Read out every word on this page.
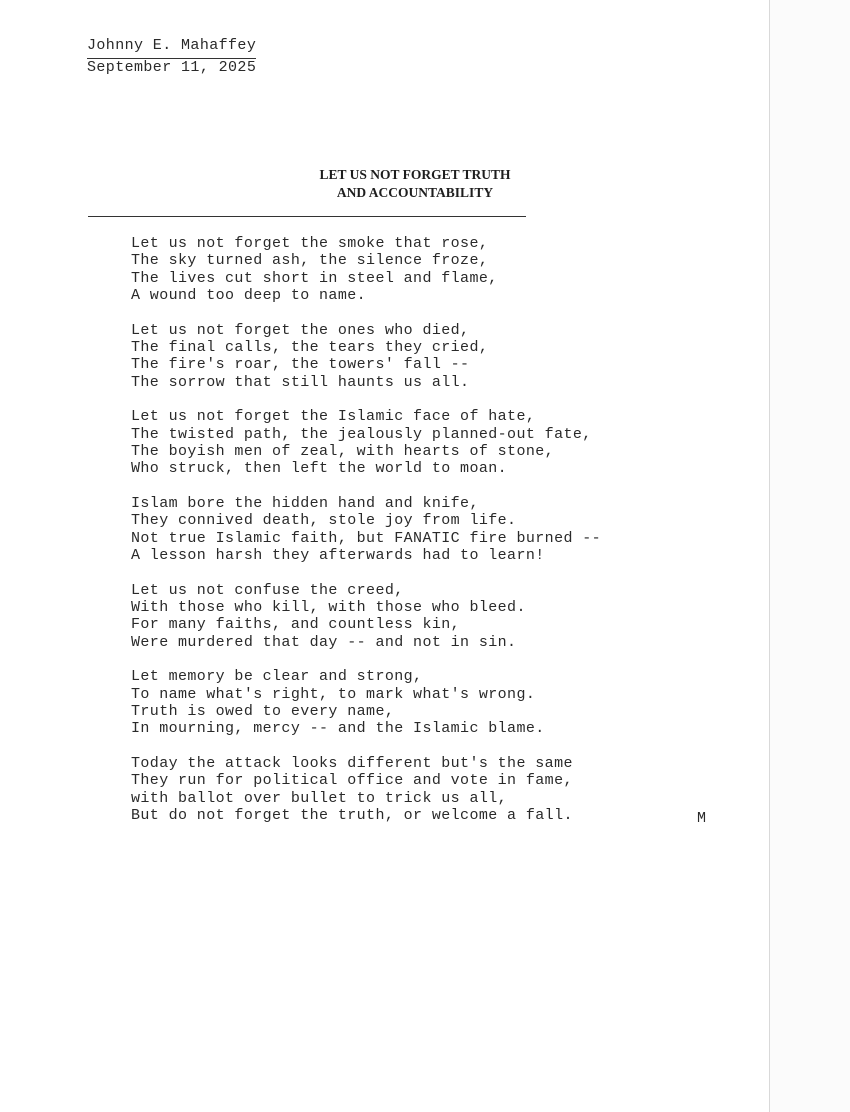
Johnny E. Mahaffey
September 11, 2025
LET US NOT FORGET TRUTH
AND ACCOUNTABILITY
Let us not forget the smoke that rose,
The sky turned ash, the silence froze,
The lives cut short in steel and flame,
A wound too deep to name.
Let us not forget the ones who died,
The final calls, the tears they cried,
The fire's roar, the towers' fall --
The sorrow that still haunts us all.
Let us not forget the Islamic face of hate,
The twisted path, the jealously planned-out fate,
The boyish men of zeal, with hearts of stone,
Who struck, then left the world to moan.
Islam bore the hidden hand and knife,
They connived death, stole joy from life.
Not true Islamic faith, but FANATIC fire burned --
A lesson harsh they afterwards had to learn!
Let us not confuse the creed,
With those who kill, with those who bleed.
For many faiths, and countless kin,
Were murdered that day -- and not in sin.
Let memory be clear and strong,
To name what's right, to mark what's wrong.
Truth is owed to every name,
In mourning, mercy -- and the Islamic blame.
Today the attack looks different but's the same
They run for political office and vote in fame,
with ballot over bullet to trick us all,
But do not forget the truth, or welcome a fall.	M
